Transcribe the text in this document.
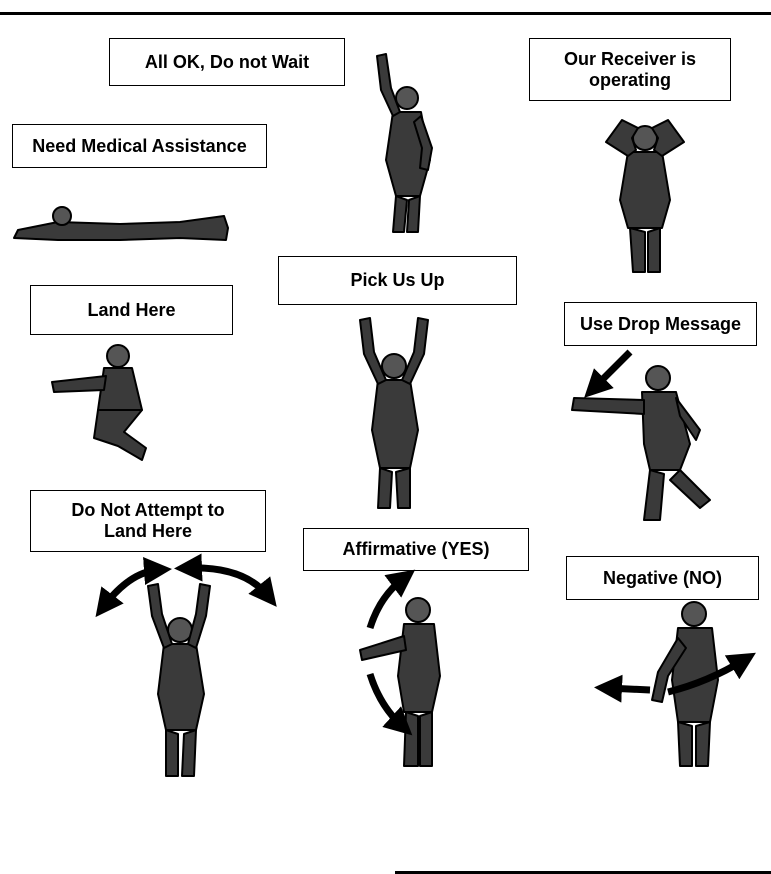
All OK, Do not Wait	Our Receiver is
operating
Need Medical Assistance
Pick Us Up
Land Here
Use Drop Message
Do Not Attempt to
Land Here
Affirmative (YES)
Negative (NO)
